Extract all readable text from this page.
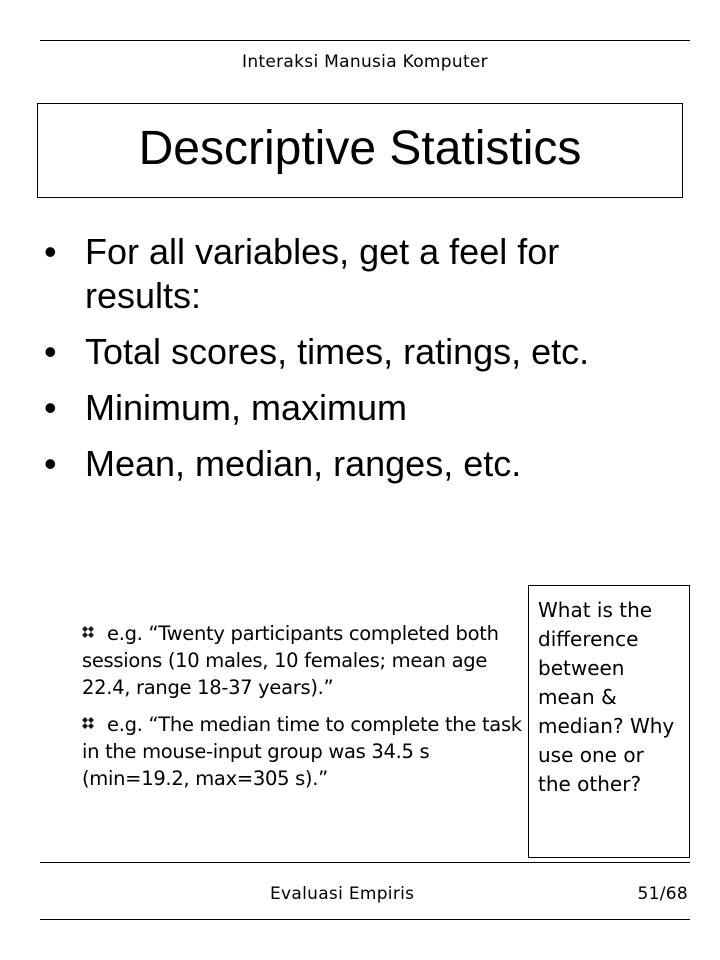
Interaksi Manusia Komputer
Descriptive Statistics
• For all variables, get a feel for results:
• Total scores, times, ratings, etc.
• Minimum, maximum
• Mean, median, ranges, etc.

e.g. “Twenty participants completed both sessions (10 males, 10 females; mean age 22.4, range 18-37 years).”

e.g. “The median time to complete the task in the mouse-input group was 34.5 s (min=19.2, max=305 s).”

What is the difference between mean & median? Why use one or the other?
Evaluasi Empiris	51/68
